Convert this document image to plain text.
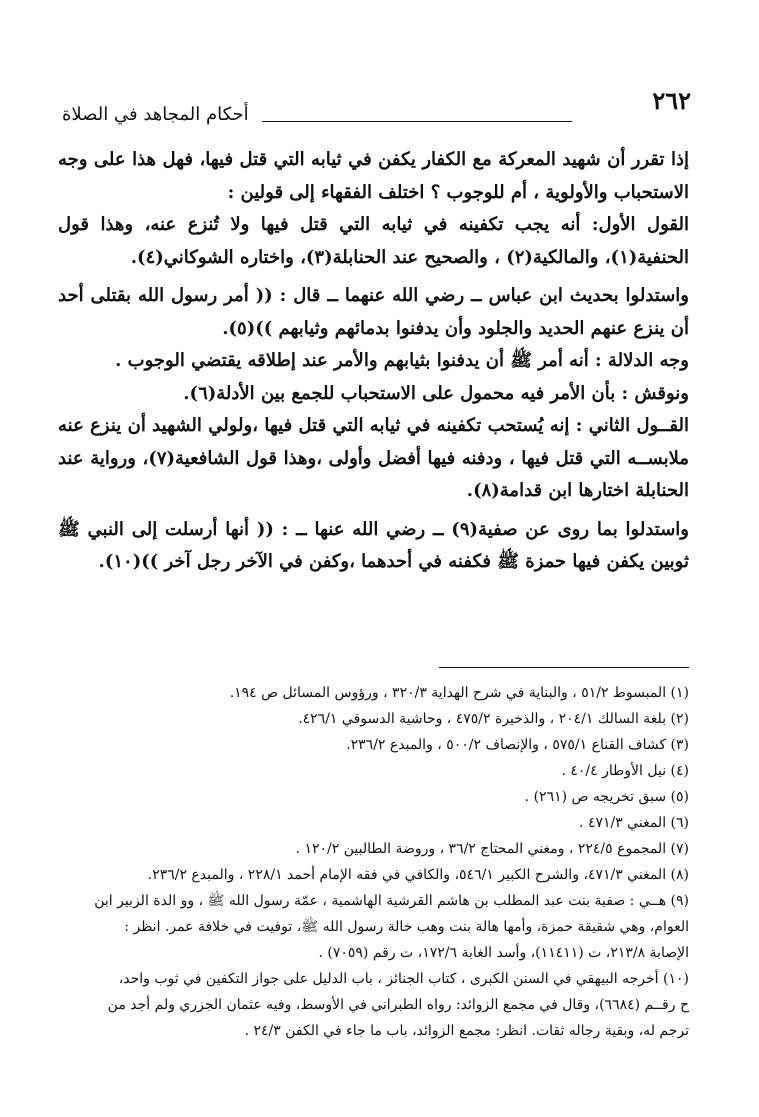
٢٦٢
أحكام المجاهد في الصلاة

إذا تقرر أن شهيد المعركة مع الكفار يكفن في ثيابه التي قتل فيها، فهل هذا على وجه الاستحباب والأولوية ، أم للوجوب ؟ اختلف الفقهاء إلى قولين :

القول الأول: أنه يجب تكفينه في ثيابه التي قتل فيها ولا تُنزع عنه، وهذا قول الحنفية(١)، والمالكية(٢) ، والصحيح عند الحنابلة(٣)، واختاره الشوكاني(٤).

واستدلوا بحديث ابن عباس ــ رضي الله عنهما ــ قال : (( أمر رسول الله بقتلى أحد أن ينزع عنهم الحديد والجلود وأن يدفنوا بدمائهم وثيابهم ))(٥).

وجه الدلالة : أنه أمر ﷺ أن يدفنوا بثيابهم والأمر عند إطلاقه يقتضي الوجوب .

ونوقش : بأن الأمر فيه محمول على الاستحباب للجمع بين الأدلة(٦).

القــول الثاني : إنه يُستحب تكفينه في ثيابه التي قتل فيها ،ولولي الشهيد أن ينزع عنه ملابســه التي قتل فيها ، ودفنه فيها أفضل وأولى ،وهذا قول الشافعية(٧)، ورواية عند الحنابلة اختارها ابن قدامة(٨).

واستدلوا بما روى عن صفية(٩) ــ رضي الله عنها ــ : (( أنها أرسلت إلى النبي ﷺ ثوبين يكفن فيها حمزة ﷺ فكفنه في أحدهما ،وكفن في الآخر رجل آخر ))(١٠).

(١) المبسوط ٥١/٢ ، والبناية في شرح الهداية ٣٢٠/٣ ، ورؤوس المسائل ص ١٩٤.

(٢) بلغة السالك ٢٠٤/١ ، والذخيرة ٤٧٥/٢ ، وحاشية الدسوقي ٤٢٦/١.

(٣) كشاف القناع ٥٧٥/١ ، والإنصاف ٥٠٠/٢ ، والمبدع ٢٣٦/٢.

(٤) نيل الأوطار ٤٠/٤ .

(٥) سبق تخريجه ص (٢٦١) .

(٦) المغني ٤٧١/٣ .

(٧) المجموع ٢٢٤/٥ ، ومغني المحتاج ٣٦/٢ ، وروضة الطالبين ١٢٠/٢ .

(٨) المغني ٤٧١/٣، والشرح الكبير ٥٤٦/١، والكافي في فقه الإمام أحمد ٢٢٨/١ ، والمبدع ٢٣٦/٢.

(٩) هــي : صفية بنت عبد المطلب بن هاشم القرشية الهاشمية ، عمّة رسول الله ﷺ ، وو الدة الزبير ابن

العوام، وهي شقيقة حمزة، وأمها هالة بنت وهب خالة رسول الله ﷺ، توفيت في خلافة عمر. انظر :

الإصابة ٢١٣/٨، ت (١١٤١١)، وأسد الغابة ١٧٢/٦، ت رقم (٧٠٥٩) .

(١٠) أخرجه البيهقي في السنن الكبرى ، كتاب الجنائز ، باب الدليل على جواز التكفين في ثوب واحد،

ح رقــم (٦٦٨٤)، وقال في مجمع الزوائد: رواه الطبراني في الأوسط، وفيه عثمان الجزري ولم أجد من

ترجم له، وبقية رجاله ثقات. انظر: مجمع الزوائد، باب ما جاء في الكفن ٢٤/٣ .
